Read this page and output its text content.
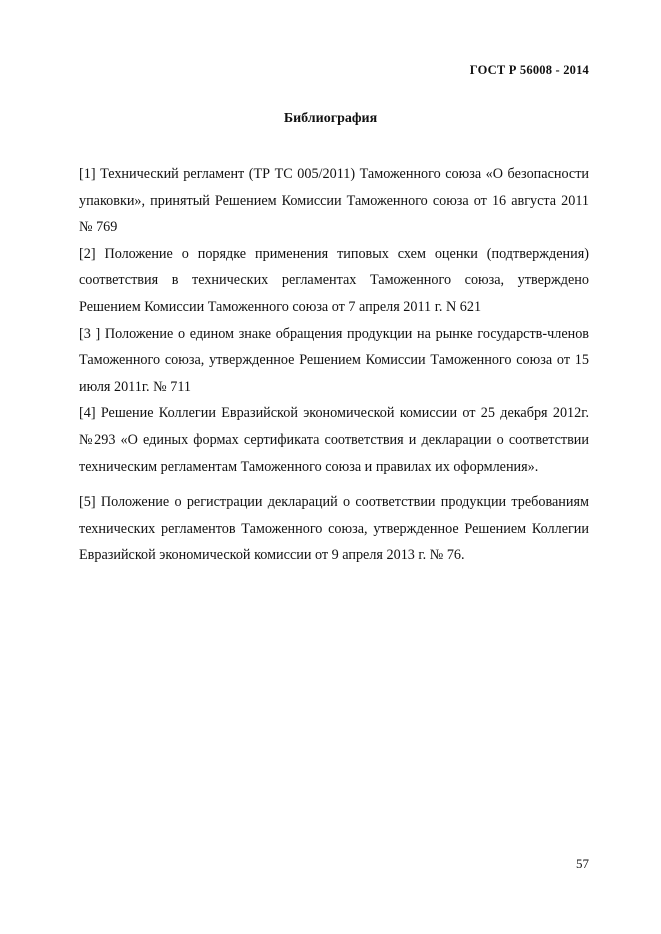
ГОСТ Р 56008 - 2014
Библиография

[1] Технический регламент (ТР ТС 005/2011) Таможенного союза «О безопасности упаковки», принятый Решением Комиссии Таможенного союза от 16 августа 2011 № 769

[2] Положение о порядке применения типовых схем оценки (подтверждения) соответствия в технических регламентах Таможенного союза, утверждено Решением Комиссии Таможенного союза от 7 апреля 2011 г. N 621

[3 ] Положение о едином знаке обращения продукции на рынке государств-членов Таможенного союза, утвержденное Решением Комиссии Таможенного союза от 15 июля 2011г. № 711

[4] Решение Коллегии Евразийской экономической комиссии от 25 декабря 2012г. №293 «О единых формах сертификата соответствия и декларации о соответствии техническим регламентам Таможенного союза и правилах их оформления».

[5] Положение о регистрации деклараций о соответствии продукции требованиям технических регламентов Таможенного союза, утвержденное Решением Коллегии Евразийской экономической комиссии от 9 апреля 2013 г. № 76.

57
